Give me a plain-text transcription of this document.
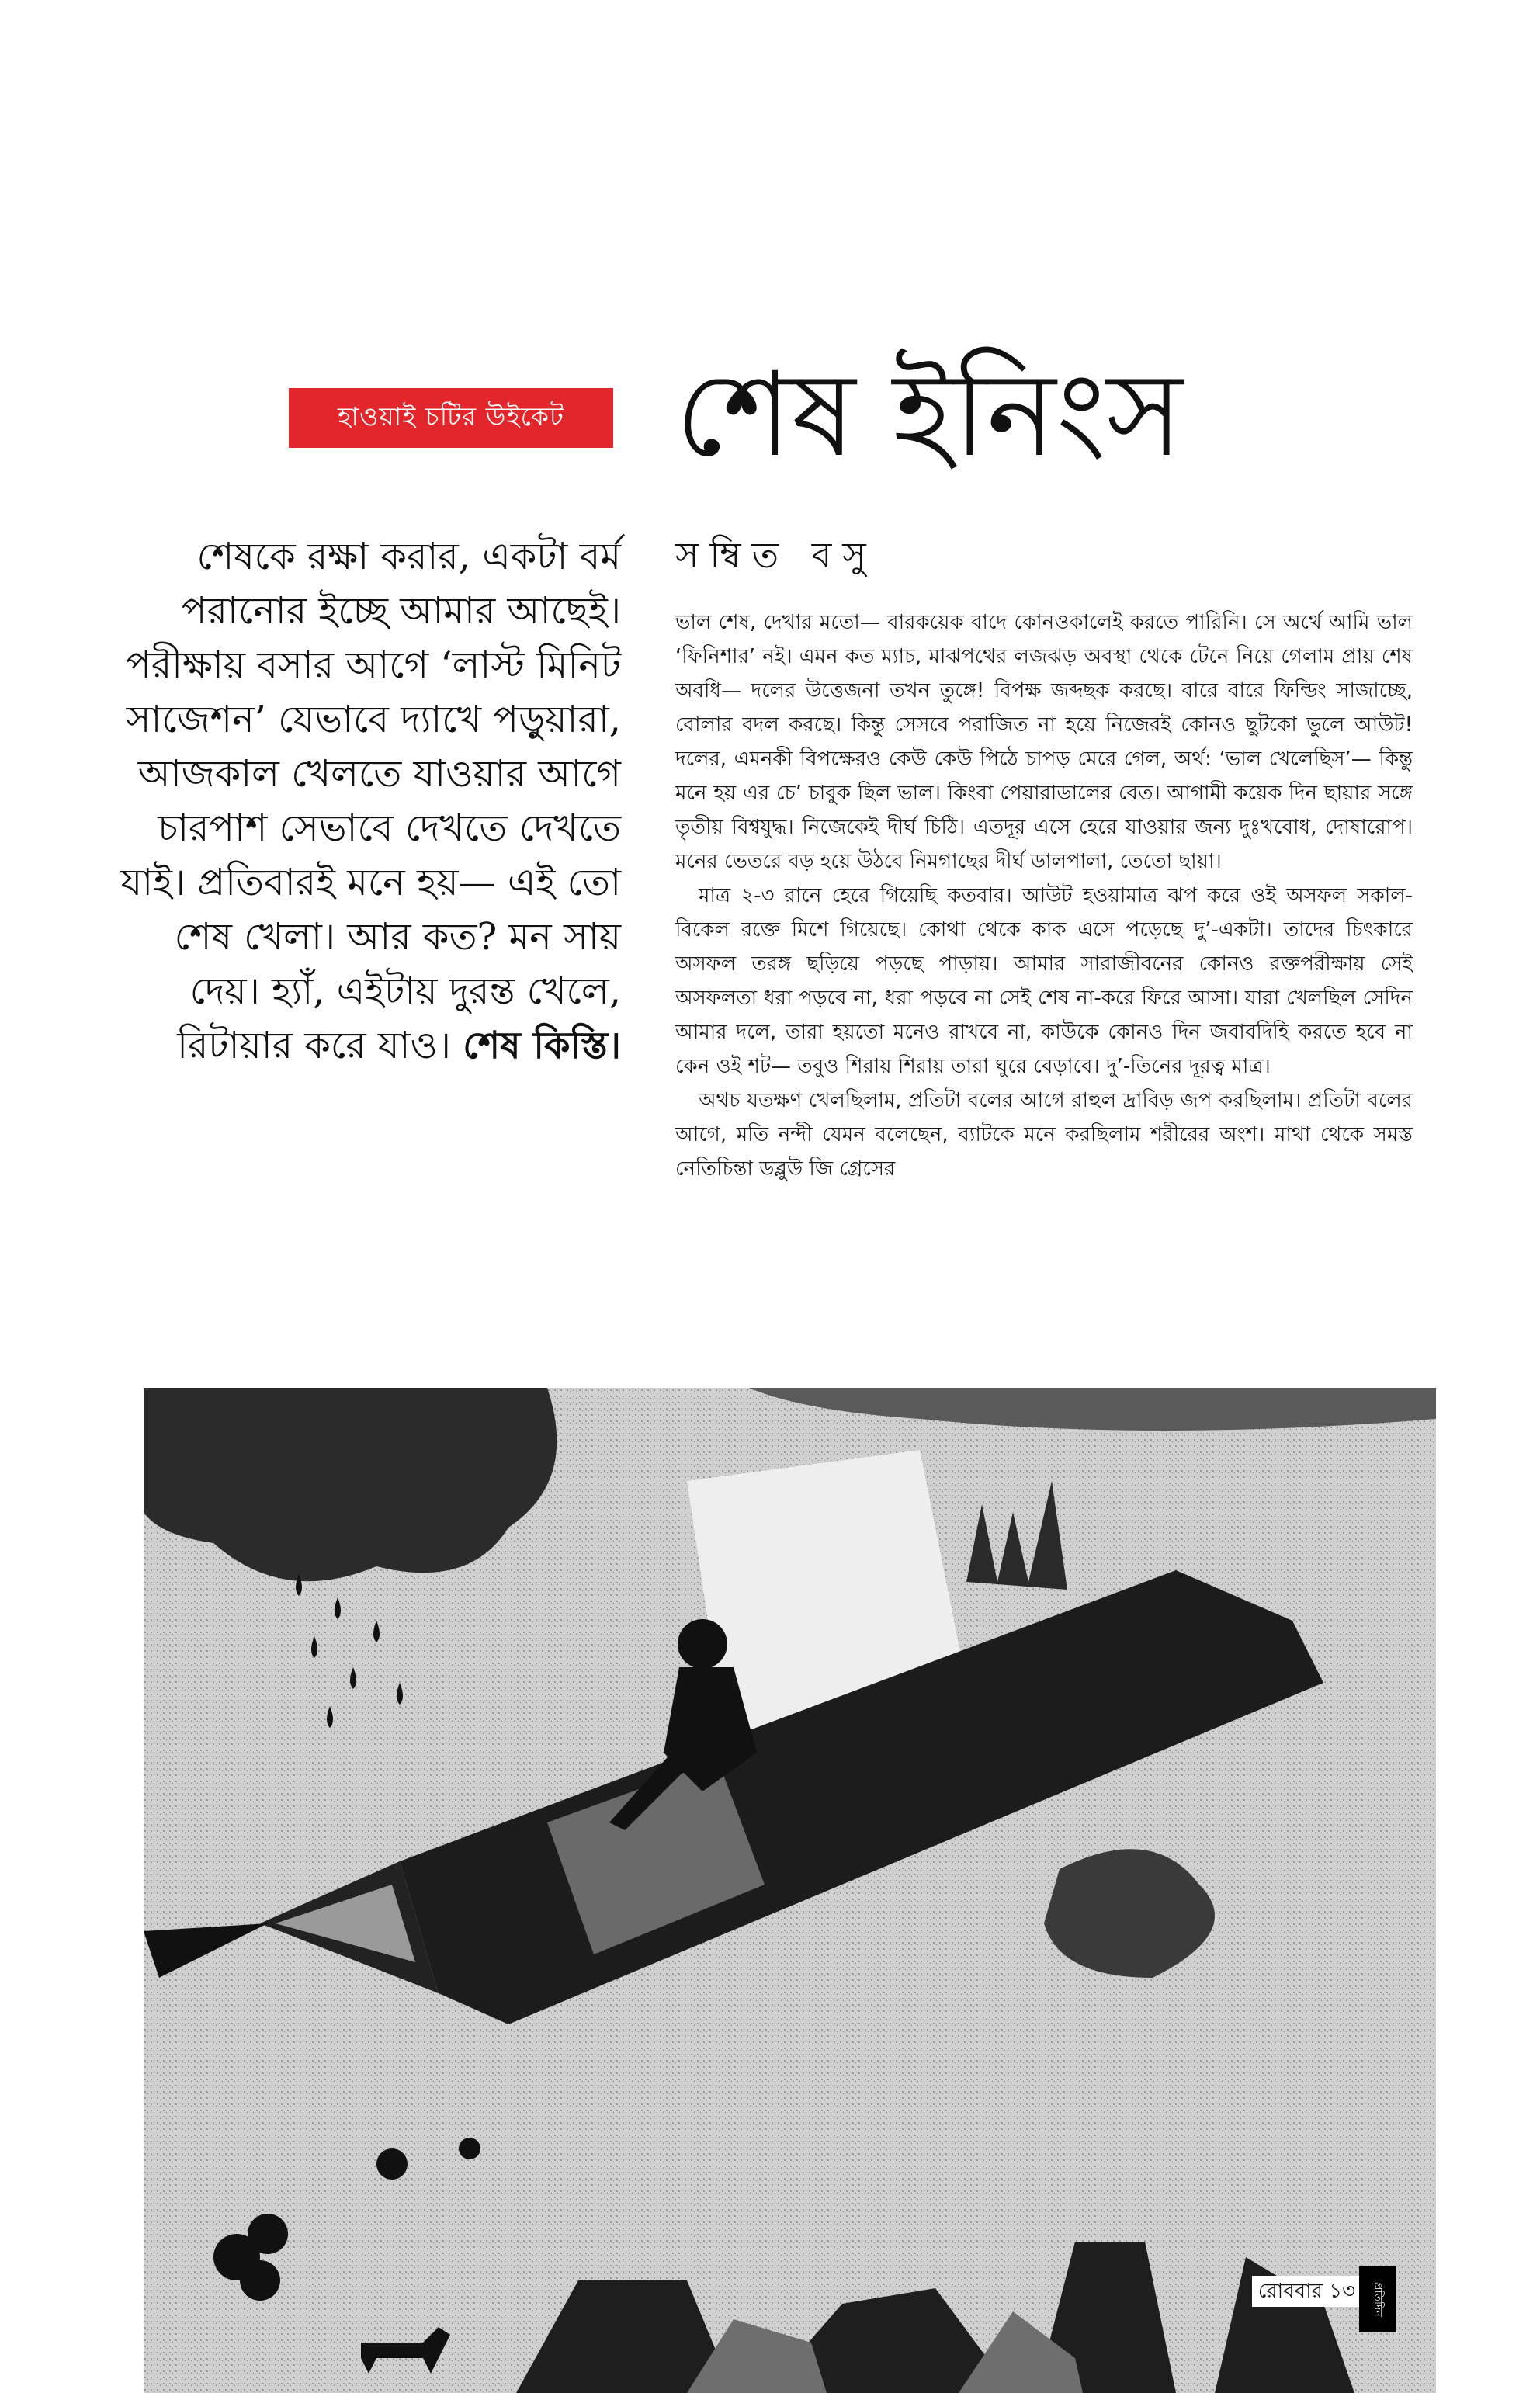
হাওয়াই চটির উইকেট শেষ ইনিংস
সম্বিত বসু

শেষকে রক্ষা করার, একটা বর্ম পরানোর ইচ্ছে আমার আছেই। পরীক্ষায় বসার আগে ‘লাস্ট মিনিট সাজেশন’ যেভাবে দ্যাখে পড়ুয়ারা, আজকাল খেলতে যাওয়ার আগে চারপাশ সেভাবে দেখতে দেখতে যাই। প্রতিবারই মনে হয়— এই তো শেষ খেলা। আর কত? মন সায় দেয়। হ্যাঁ, এইটায় দুরন্ত খেলে, রিটায়ার করে যাও। শেষ কিস্তি।

ভাল শেষ, দেখার মতো— বারকয়েক বাদে কোনওকালেই করতে পারিনি। সে অর্থে আমি ভাল ‘ফিনিশার’ নই। এমন কত ম্যাচ, মাঝপথের লজঝড় অবস্থা থেকে টেনে নিয়ে গেলাম প্রায় শেষ অবধি— দলের উত্তেজনা তখন তুঙ্গে! বিপক্ষ জব্দছক করছে। বারে বারে ফিল্ডিং সাজাচ্ছে, বোলার বদল করছে। কিন্তু সেসবে পরাজিত না হয়ে নিজেরই কোনও ছুটকো ভুলে আউট! দলের, এমনকী বিপক্ষেরও কেউ কেউ পিঠে চাপড় মেরে গেল, অর্থ: ‘ভাল খেলেছিস’— কিন্তু মনে হয় এর চে’ চাবুক ছিল ভাল। কিংবা পেয়ারাডালের বেত। আগামী কয়েক দিন ছায়ার সঙ্গে তৃতীয় বিশ্বযুদ্ধ। নিজেকেই দীর্ঘ চিঠি। এতদূর এসে হেরে যাওয়ার জন্য দুঃখবোধ, দোষারোপ। মনের ভেতরে বড় হয়ে উঠবে নিমগাছের দীর্ঘ ডালপালা, তেতো ছায়া।

মাত্র ২-৩ রানে হেরে গিয়েছি কতবার। আউট হওয়ামাত্র ঝপ করে ওই অসফল সকাল-বিকেল রক্তে মিশে গিয়েছে। কোথা থেকে কাক এসে পড়েছে দু’-একটা। তাদের চিৎকারে অসফল তরঙ্গ ছড়িয়ে পড়ছে পাড়ায়। আমার সারাজীবনের কোনও রক্তপরীক্ষায় সেই অসফলতা ধরা পড়বে না, ধরা পড়বে না সেই শেষ না-করে ফিরে আসা। যারা খেলছিল সেদিন আমার দলে, তারা হয়তো মনেও রাখবে না, কাউকে কোনও দিন জবাবদিহি করতে হবে না কেন ওই শট— তবুও শিরায় শিরায় তারা ঘুরে বেড়াবে। দু’-তিনের দূরত্ব মাত্র।

অথচ যতক্ষণ খেলছিলাম, প্রতিটা বলের আগে রাহুল দ্রাবিড় জপ করছিলাম। প্রতিটা বলের আগে, মতি নন্দী যেমন বলেছেন, ব্যাটকে মনে করছিলাম শরীরের অংশ। মাথা থেকে সমস্ত নেতিচিন্তা ডব্লুউ জি গ্রেসের

রোববার ১৩	প্রতিদিন
